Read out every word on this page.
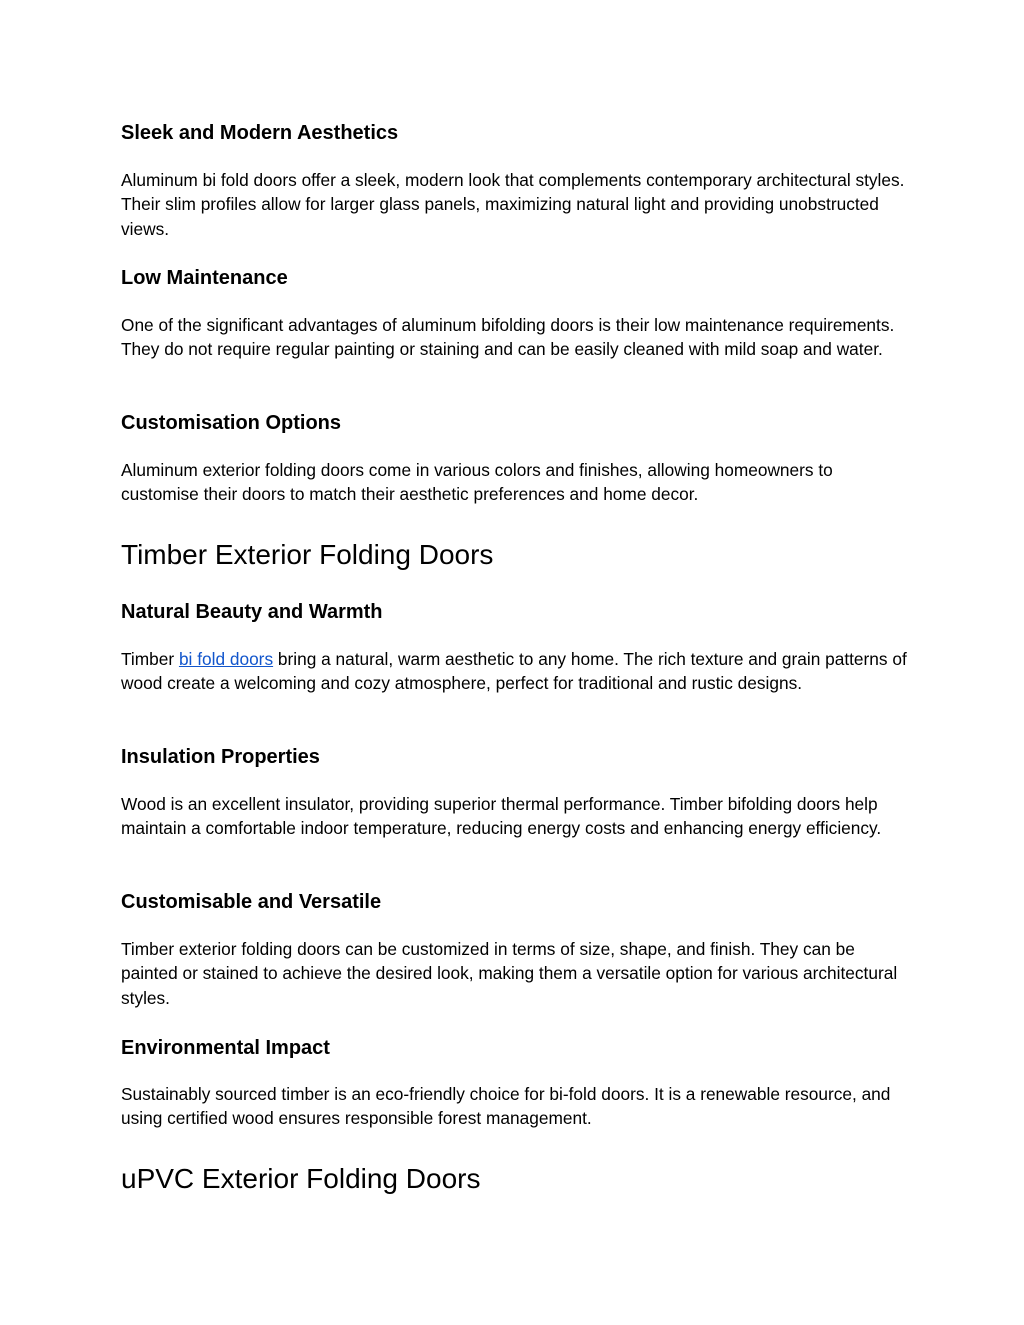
Sleek and Modern Aesthetics

Aluminum bi fold doors offer a sleek, modern look that complements contemporary architectural styles. Their slim profiles allow for larger glass panels, maximizing natural light and providing unobstructed views.

Low Maintenance

One of the significant advantages of aluminum bifolding doors is their low maintenance requirements. They do not require regular painting or staining and can be easily cleaned with mild soap and water.

Customisation Options

Aluminum exterior folding doors come in various colors and finishes, allowing homeowners to customise their doors to match their aesthetic preferences and home decor.

Timber Exterior Folding Doors
Natural Beauty and Warmth

Timber bi fold doors bring a natural, warm aesthetic to any home. The rich texture and grain patterns of wood create a welcoming and cozy atmosphere, perfect for traditional and rustic designs.

Insulation Properties

Wood is an excellent insulator, providing superior thermal performance. Timber bifolding doors help maintain a comfortable indoor temperature, reducing energy costs and enhancing energy efficiency.

Customisable and Versatile

Timber exterior folding doors can be customized in terms of size, shape, and finish. They can be painted or stained to achieve the desired look, making them a versatile option for various architectural styles.

Environmental Impact

Sustainably sourced timber is an eco-friendly choice for bi-fold doors. It is a renewable resource, and using certified wood ensures responsible forest management.

uPVC Exterior Folding Doors
